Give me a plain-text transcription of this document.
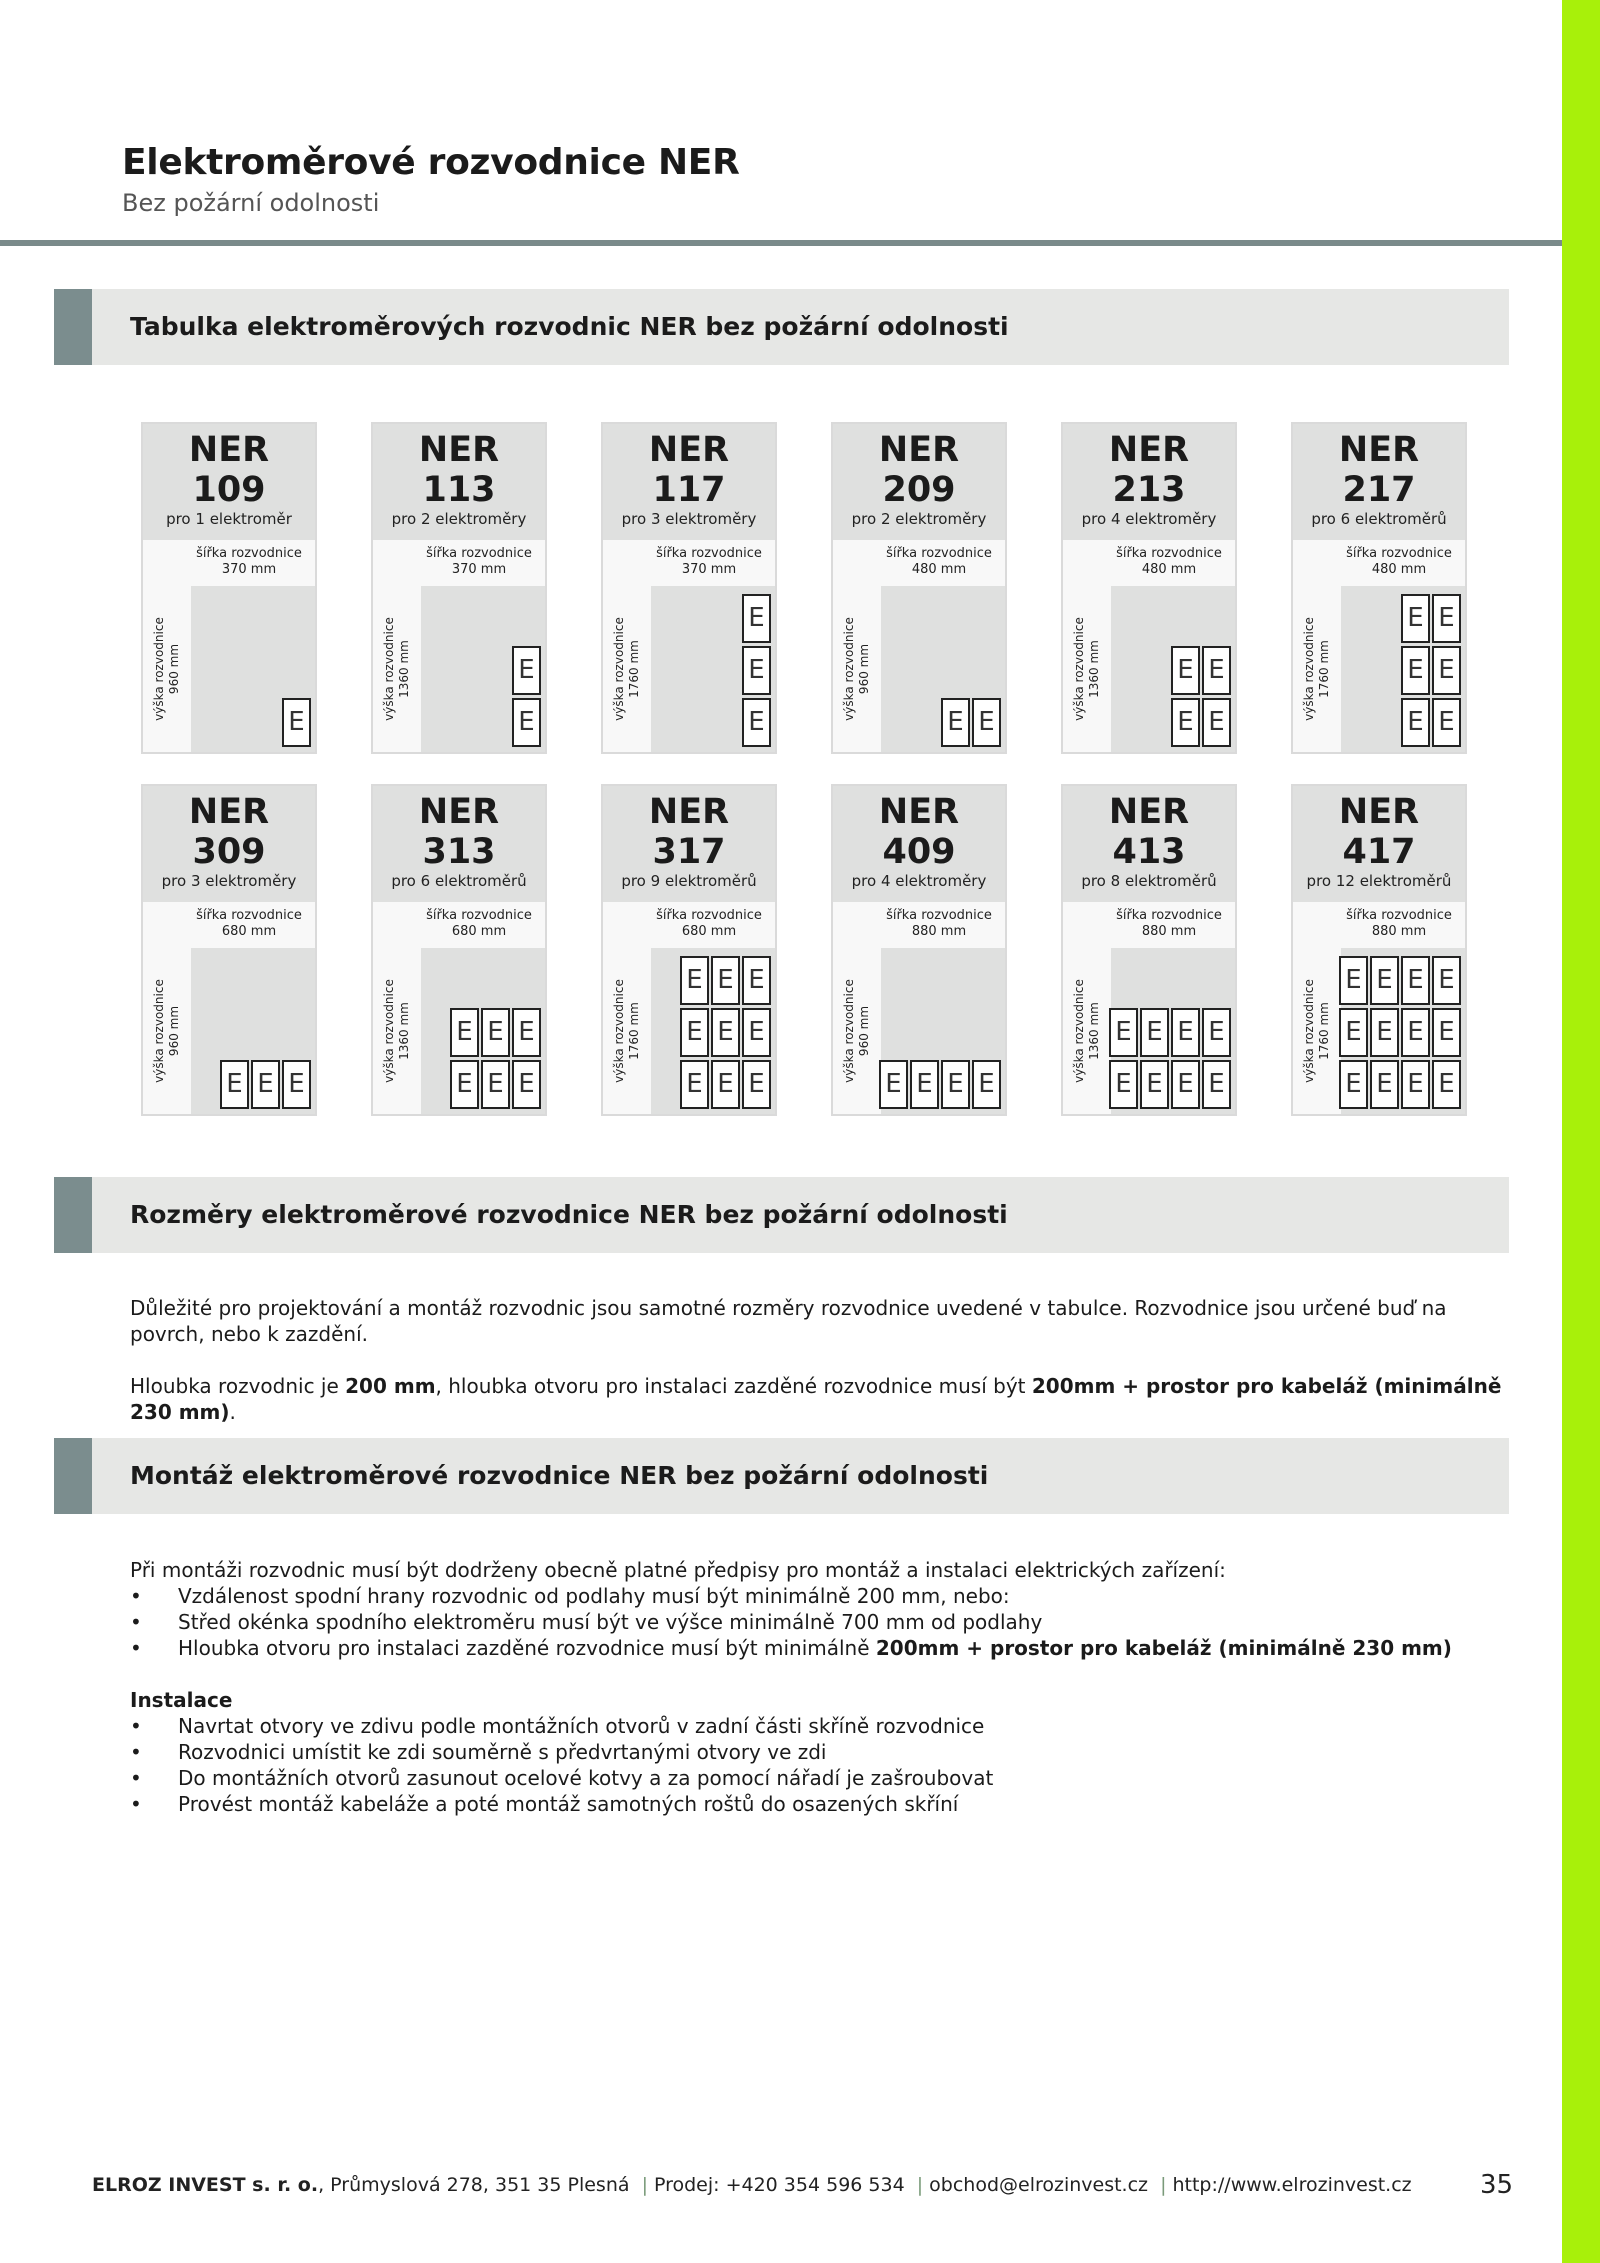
Elektroměrové rozvodnice NER
Bez požární odolnosti
Tabulka elektroměrových rozvodnic NER bez požární odolnosti
NER
109
pro 1 elektroměr
šířka rozvodnice
370 mm
výška rozvodnice 960 mm
E
NER
113
pro 2 elektroměry
šířka rozvodnice
370 mm
výška rozvodnice 1360 mm	E
E
NER
117
pro 3 elektroměry
šířka rozvodnice
370 mm
výška rozvodnice 1760 mm
E
E
E
NER
209
pro 2 elektroměry
šířka rozvodnice
480 mm
výška rozvodnice 960 mm
E E
NER
213
pro 4 elektroměry
šířka rozvodnice
480 mm
výška rozvodnice 1360 mm	E E
E E
NER
217
pro 6 elektroměrů
šířka rozvodnice
480 mm
výška rozvodnice 1760 mm
E E
E E
E E
NER
309
pro 3 elektroměry
šířka rozvodnice
680 mm
výška rozvodnice 960 mm
E E E
NER
313
pro 6 elektroměrů
šířka rozvodnice
680 mm
výška rozvodnice 1360 mm E E E
E E E
NER
317
pro 9 elektroměrů
šířka rozvodnice
680 mm
výška rozvodnice 1760 mm
E E E
E E E
E E E
NER
409
pro 4 elektroměry
šířka rozvodnice
880 mm
výška rozvodnice 960 mm
E E E E
NER
413
pro 8 elektroměrů
šířka rozvodnice
880 mm
výška rozvodnice 1360 mm E E E E
E E E E
NER
417
pro 12 elektroměrů
šířka rozvodnice
880 mm
výška rozvodnice 1760 mm
E E E E
E E E E
E E E E
Rozměry elektroměrové rozvodnice NER bez požární odolnosti

Důležité pro projektování a montáž rozvodnic jsou samotné rozměry rozvodnice uvedené v tabulce. Rozvodnice jsou určené buď na povrch, nebo k zazdění.

Hloubka rozvodnic je 200 mm, hloubka otvoru pro instalaci zazděné rozvodnice musí být 200mm + prostor pro kabeláž (minimálně 230 mm).

Montáž elektroměrové rozvodnice NER bez požární odolnosti

Při montáži rozvodnic musí být dodrženy obecně platné předpisy pro montáž a instalaci elektrických zařízení:

• Vzdálenost spodní hrany rozvodnic od podlahy musí být minimálně 200 mm, nebo:
• Střed okénka spodního elektroměru musí být ve výšce minimálně 700 mm od podlahy
• Hloubka otvoru pro instalaci zazděné rozvodnice musí být minimálně 200mm + prostor pro kabeláž (minimálně 230 mm)

Instalace

• Navrtat otvory ve zdivu podle montážních otvorů v zadní části skříně rozvodnice
• Rozvodnici umístit ke zdi souměrně s předvrtanými otvory ve zdi
• Do montážních otvorů zasunout ocelové kotvy a za pomocí nářadí je zašroubovat
• Provést montáž kabeláže a poté montáž samotných roštů do osazených skříní
ELROZ INVEST s. r. o., Průmyslová 278, 351 35 Plesná | Prodej: +420 354 596 534 | obchod@elrozinvest.cz | http://www.elrozinvest.cz	35
